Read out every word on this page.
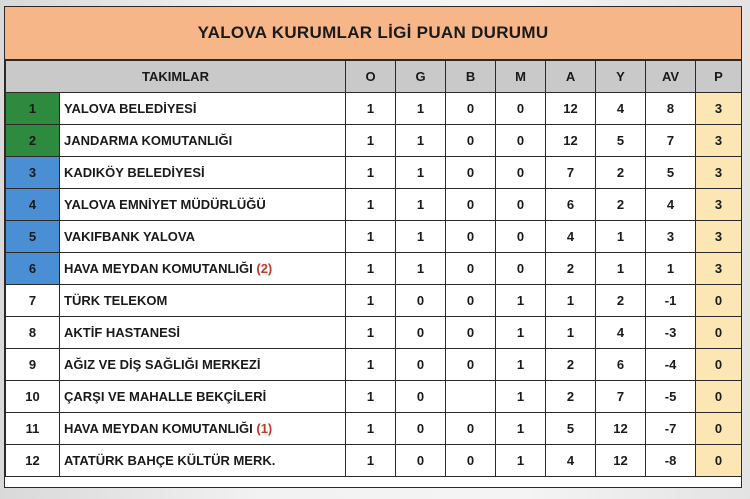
YALOVA KURUMLAR LİGİ PUAN DURUMU
TAKIMLAR		O	G	B	M	A	Y	AV	P
1	YALOVA BELEDİYESİ	1	1	0	0	12	4	8	3
2	JANDARMA KOMUTANLIĞI	1	1	0	0	12	5	7	3
3	KADIKÖY BELEDİYESİ	1	1	0	0	7	2	5	3
4	YALOVA EMNİYET MÜDÜRLÜĞÜ	1	1	0	0	6	2	4	3
5	VAKIFBANK YALOVA	1	1	0	0	4	1	3	3
6	HAVA MEYDAN KOMUTANLIĞI (2)	1	1	0	0	2	1	1	3
7	TÜRK TELEKOM	1	0	0	1	1	2	-1	0
8	AKTİF HASTANESİ	1	0	0	1	1	4	-3	0
9	AĞIZ VE DİŞ SAĞLIĞI MERKEZİ	1	0	0	1	2	6	-4	0
10	ÇARŞI VE MAHALLE BEKÇİLERİ	1	0		1	2	7	-5	0
11	HAVA MEYDAN KOMUTANLIĞI (1)	1	0	0	1	5	12	-7	0
12	ATATÜRK BAHÇE KÜLTÜR MERK.	1	0	0	1	4	12	-8	0
